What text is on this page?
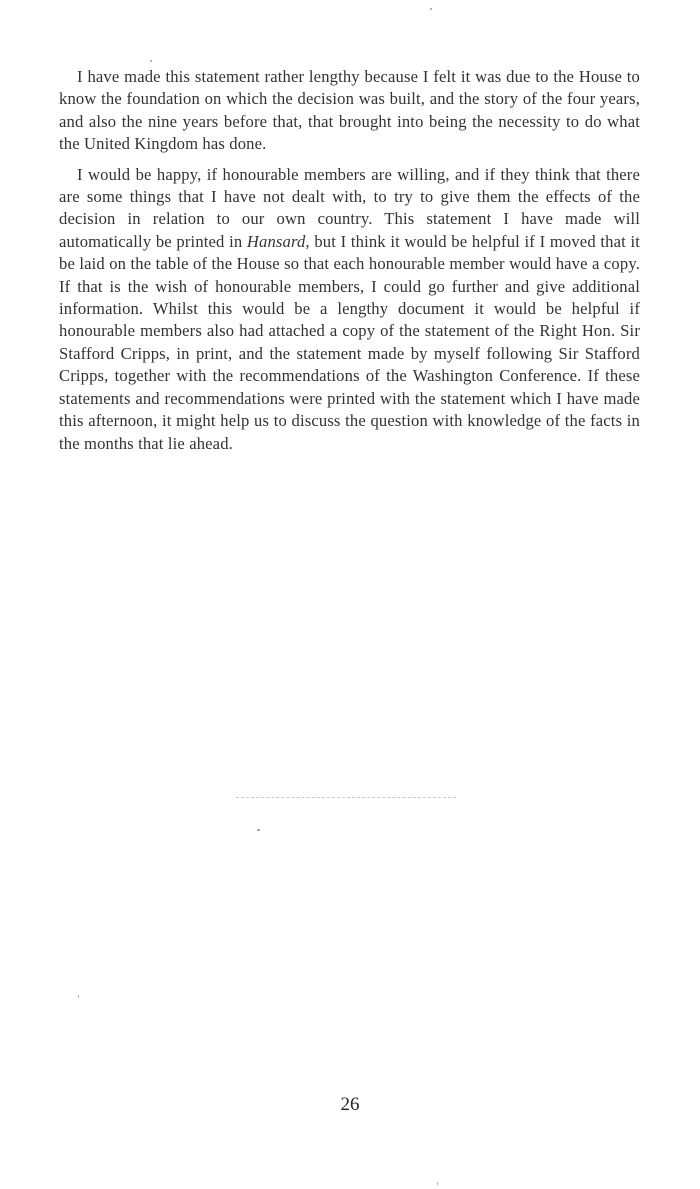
I have made this statement rather lengthy because I felt it was due to the House to know the foundation on which the decision was built, and the story of the four years, and also the nine years before that, that brought into being the necessity to do what the United Kingdom has done.

I would be happy, if honourable members are willing, and if they think that there are some things that I have not dealt with, to try to give them the effects of the decision in relation to our own country. This statement I have made will automatically be printed in Hansard, but I think it would be helpful if I moved that it be laid on the table of the House so that each honourable member would have a copy. If that is the wish of honourable members, I could go further and give additional information. Whilst this would be a lengthy document it would be helpful if honourable members also had attached a copy of the statement of the Right Hon. Sir Stafford Cripps, in print, and the statement made by myself following Sir Stafford Cripps, together with the recommendations of the Washington Conference. If these statements and recommendations were printed with the statement which I have made this afternoon, it might help us to discuss the question with knowledge of the facts in the months that lie ahead.

26
